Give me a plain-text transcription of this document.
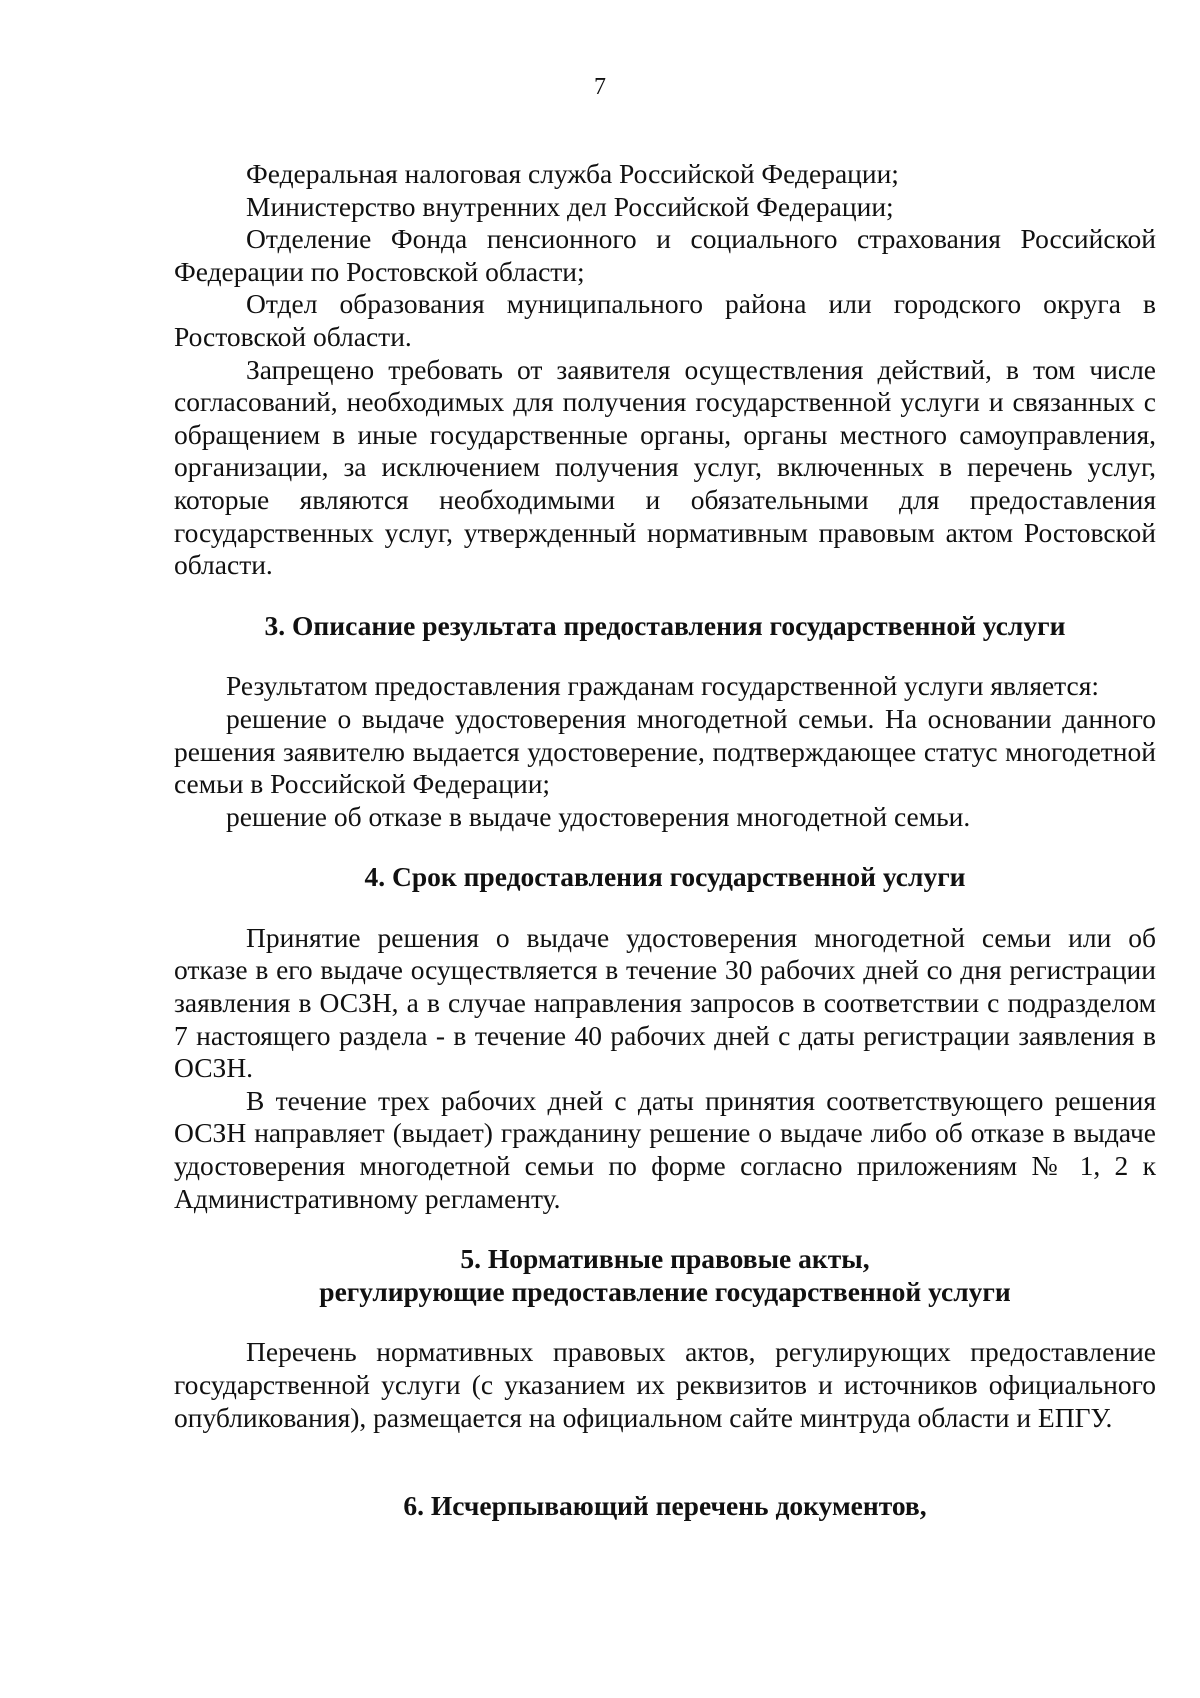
7

Федеральная налоговая служба Российской Федерации;

Министерство внутренних дел Российской Федерации;

Отделение Фонда пенсионного и социального страхования Российской Федерации по Ростовской области;

Отдел образования муниципального района или городского округа в Ростовской области.

Запрещено требовать от заявителя осуществления действий, в том числе согласований, необходимых для получения государственной услуги и связанных с обращением в иные государственные органы, органы местного самоуправления, организации, за исключением получения услуг, включенных в перечень услуг, которые являются необходимыми и обязательными для предоставления государственных услуг, утвержденный нормативным правовым актом Ростовской области.

3. Описание результата предоставления государственной услуги

Результатом предоставления гражданам государственной услуги является:

решение о выдаче удостоверения многодетной семьи. На основании данного решения заявителю выдается удостоверение, подтверждающее статус многодетной семьи в Российской Федерации;

решение об отказе в выдаче удостоверения многодетной семьи.

4. Срок предоставления государственной услуги

Принятие решения о выдаче удостоверения многодетной семьи или об отказе в его выдаче осуществляется в течение 30 рабочих дней со дня регистрации заявления в ОСЗН, а в случае направления запросов в соответствии с подразделом 7 настоящего раздела - в течение 40 рабочих дней с даты регистрации заявления в ОСЗН.

В течение трех рабочих дней с даты принятия соответствующего решения ОСЗН направляет (выдает) гражданину решение о выдаче либо об отказе в выдаче удостоверения многодетной семьи по форме согласно приложениям № 1, 2 к Административному регламенту.

5. Нормативные правовые акты,

регулирующие предоставление государственной услуги

Перечень нормативных правовых актов, регулирующих предоставление государственной услуги (с указанием их реквизитов и источников официального опубликования), размещается на официальном сайте минтруда области и ЕПГУ.

6. Исчерпывающий перечень документов,
